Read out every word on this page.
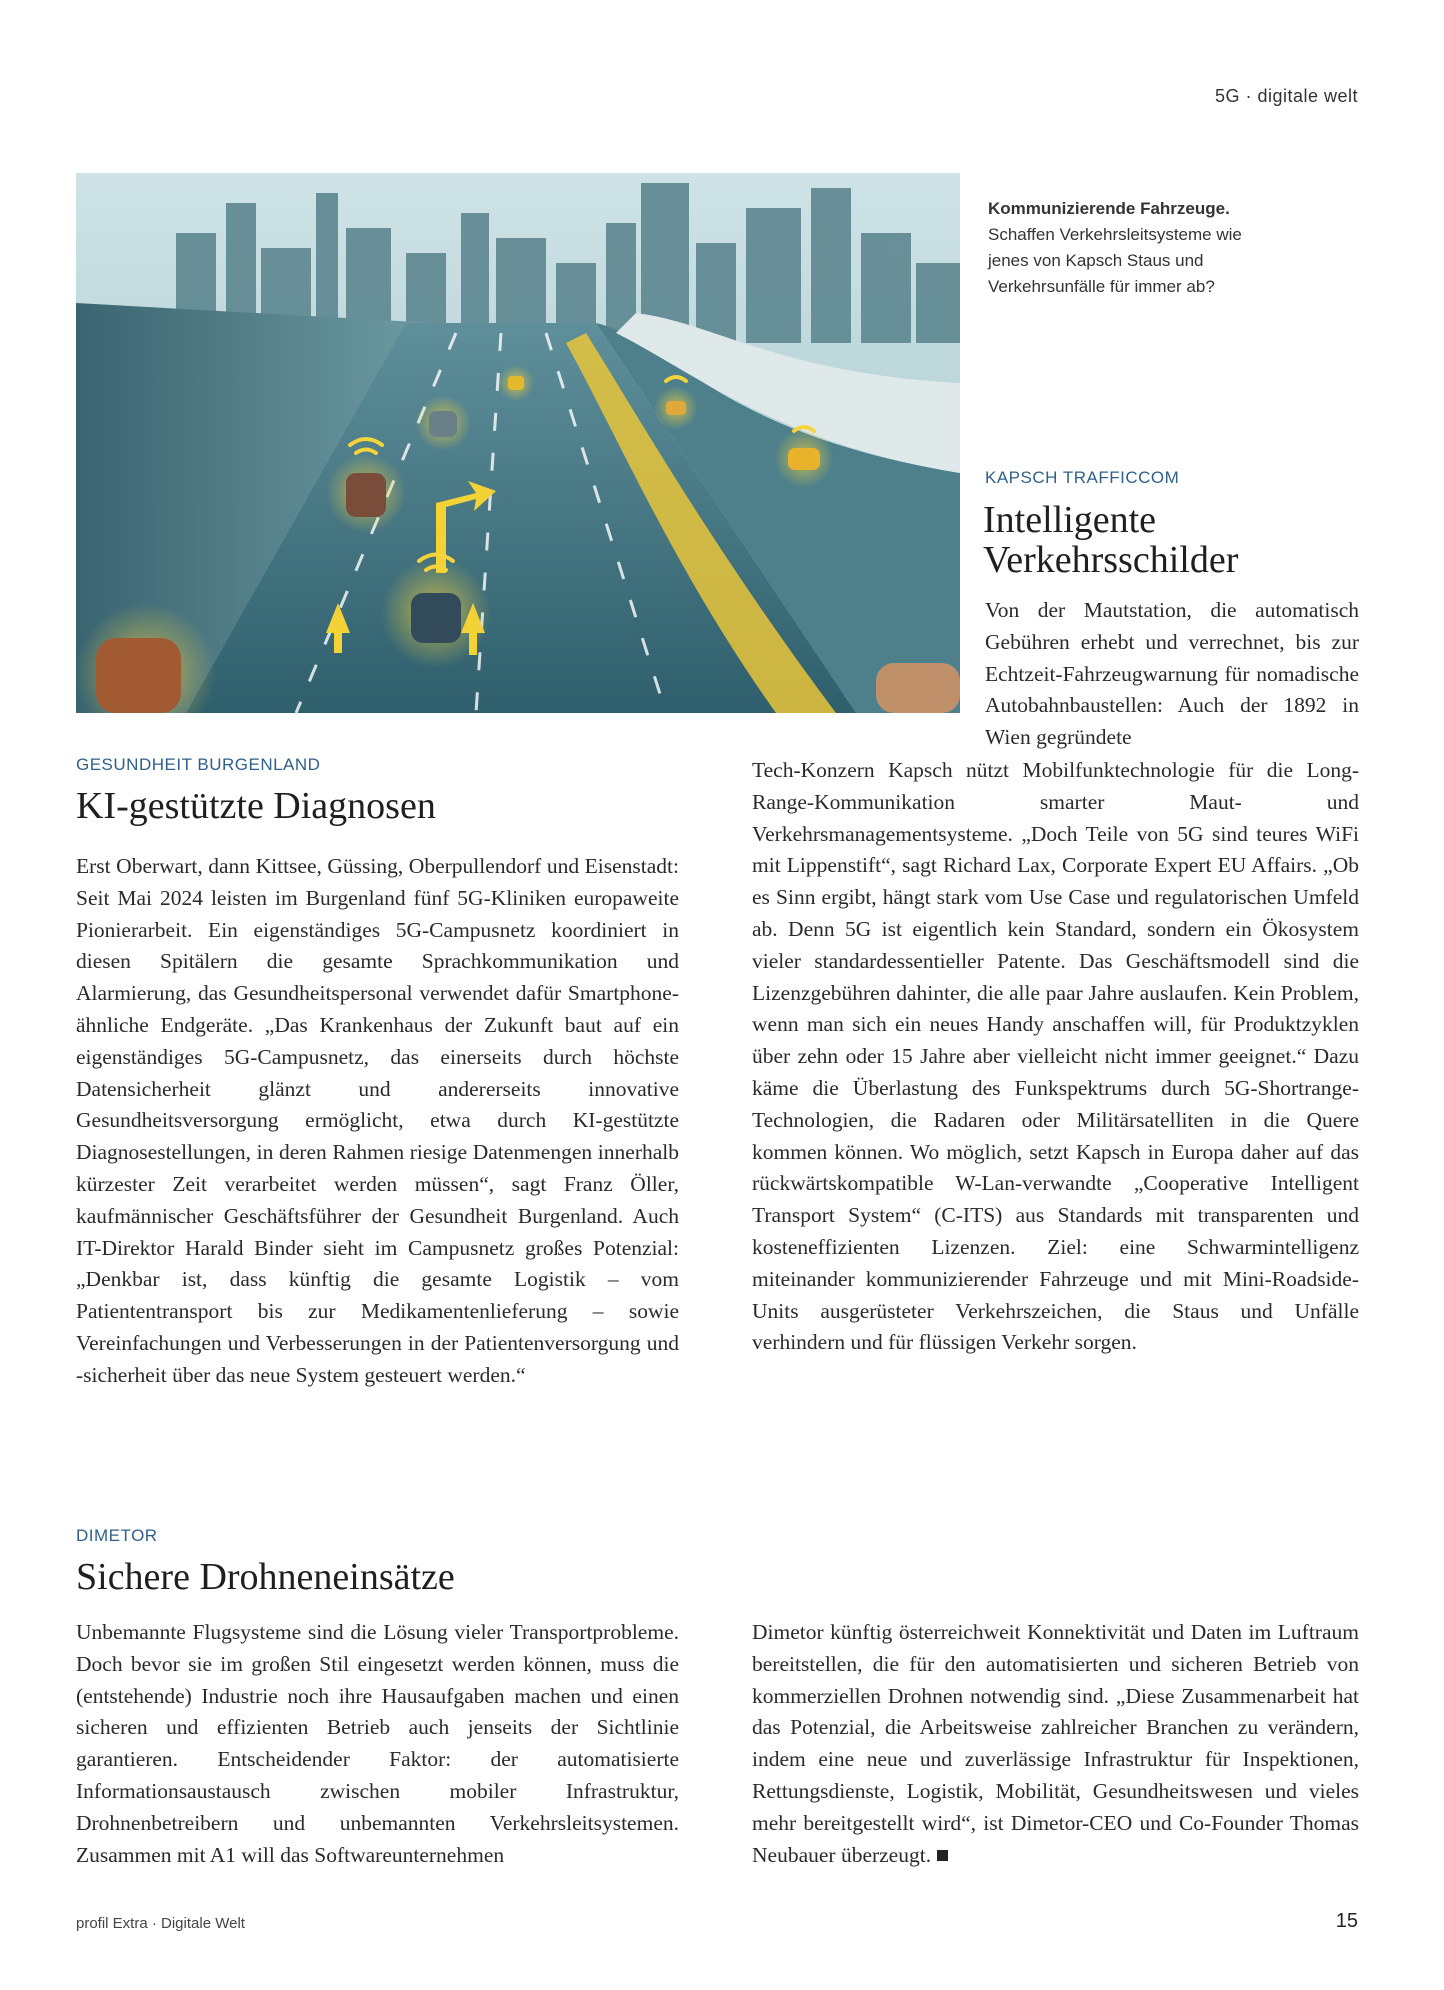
5G · digitale welt
Kommunizierende Fahrzeuge.
Schaffen Verkehrsleitsysteme wie jenes von Kapsch Staus und Verkehrsunfälle für immer ab?
KAPSCH TRAFFICCOM
Intelligente Verkehrsschilder
Von der Mautstation, die automatisch Gebühren erhebt und verrechnet, bis zur Echtzeit-Fahrzeugwarnung für nomadische Autobahnbaustellen: Auch der 1892 in Wien gegründete
Tech-Konzern Kapsch nützt Mobilfunktechnologie für die Long-Range-Kommunikation smarter Maut- und Verkehrsmanagementsysteme. „Doch Teile von 5G sind teures WiFi mit Lippenstift“, sagt Richard Lax, Corporate Expert EU Affairs. „Ob es Sinn ergibt, hängt stark vom Use Case und regulatorischen Umfeld ab. Denn 5G ist eigentlich kein Standard, sondern ein Ökosystem vieler standardessentieller Patente. Das Geschäftsmodell sind die Lizenzgebühren dahinter, die alle paar Jahre auslaufen. Kein Problem, wenn man sich ein neues Handy anschaffen will, für Produktzyklen über zehn oder 15 Jahre aber vielleicht nicht immer geeignet.“ Dazu käme die Überlastung des Funkspektrums durch 5G-Shortrange-Technologien, die Radaren oder Militärsatelliten in die Quere kommen können. Wo möglich, setzt Kapsch in Europa daher auf das rückwärtskompatible W-Lan-verwandte „Cooperative Intelligent Transport System“ (C-ITS) aus Standards mit transparenten und kosteneffizienten Lizenzen. Ziel: eine Schwarmintelligenz miteinander kommunizierender Fahrzeuge und mit Mini-Roadside-Units ausgerüsteter Verkehrszeichen, die Staus und Unfälle verhindern und für flüssigen Verkehr sorgen.
GESUNDHEIT BURGENLAND
KI-gestützte Diagnosen
Erst Oberwart, dann Kittsee, Güssing, Oberpullendorf und Eisenstadt: Seit Mai 2024 leisten im Burgenland fünf 5G-Kliniken europaweite Pionierarbeit. Ein eigenständiges 5G-Campusnetz koordiniert in diesen Spitälern die gesamte Sprachkommunikation und Alarmierung, das Gesundheitspersonal verwendet dafür Smartphone-ähnliche Endgeräte. „Das Krankenhaus der Zukunft baut auf ein eigenständiges 5G-Campusnetz, das einerseits durch höchste Datensicherheit glänzt und andererseits innovative Gesundheitsversorgung ermöglicht, etwa durch KI-gestützte Diagnosestellungen, in deren Rahmen riesige Datenmengen innerhalb kürzester Zeit verarbeitet werden müssen“, sagt Franz Öller, kaufmännischer Geschäftsführer der Gesundheit Burgenland. Auch IT-Direktor Harald Binder sieht im Campusnetz großes Potenzial: „Denkbar ist, dass künftig die gesamte Logistik – vom Patiententransport bis zur Medikamentenlieferung – sowie Vereinfachungen und Verbesserungen in der Patientenversorgung und -sicherheit über das neue System gesteuert werden.“
DIMETOR
Sichere Drohneneinsätze
Unbemannte Flugsysteme sind die Lösung vieler Transportprobleme. Doch bevor sie im großen Stil eingesetzt werden können, muss die (entstehende) Industrie noch ihre Hausaufgaben machen und einen sicheren und effizienten Betrieb auch jenseits der Sichtlinie garantieren. Entscheidender Faktor: der automatisierte Informationsaustausch zwischen mobiler Infrastruktur, Drohnenbetreibern und unbemannten Verkehrsleitsystemen. Zusammen mit A1 will das Softwareunternehmen
Dimetor künftig österreichweit Konnektivität und Daten im Luftraum bereitstellen, die für den automatisierten und sicheren Betrieb von kommerziellen Drohnen notwendig sind. „Diese Zusammenarbeit hat das Potenzial, die Arbeitsweise zahlreicher Branchen zu verändern, indem eine neue und zuverlässige Infrastruktur für Inspektionen, Rettungsdienste, Logistik, Mobilität, Gesundheitswesen und vieles mehr bereitgestellt wird“, ist Dimetor-CEO und Co-Founder Thomas Neubauer überzeugt.
profil Extra · Digitale Welt	15
